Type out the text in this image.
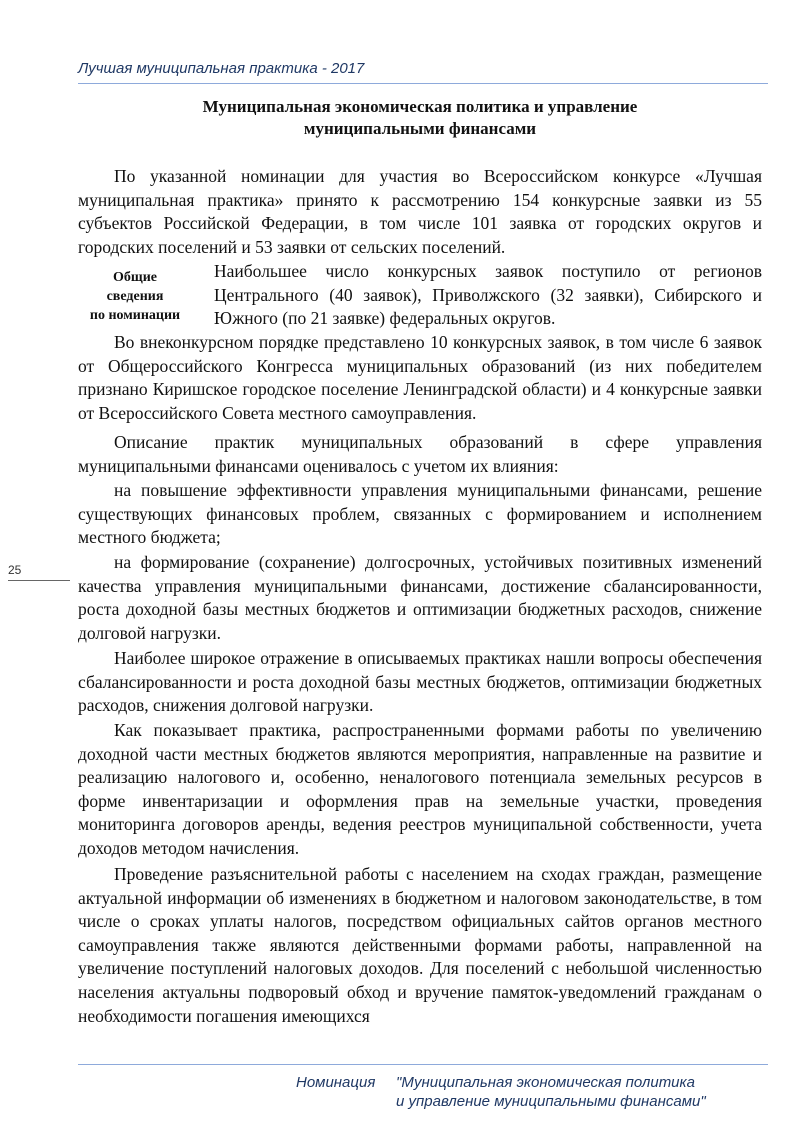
Лучшая муниципальная практика - 2017
Муниципальная экономическая политика и управление
муниципальными финансами

По указанной номинации для участия во Всероссийском конкурсе «Лучшая муниципальная практика» принято к рассмотрению 154 конкурсные заявки из 55 субъектов Российской Федерации, в том числе 101 заявка от городских округов и городских поселений и 53 заявки от сельских поселений.

Общие
сведения
по номинации

Наибольшее число конкурсных заявок поступило от регионов Центрального (40 заявок), Приволжского (32 заявки), Сибирского и Южного (по 21 заявке) федеральных округов.

Во внеконкурсном порядке представлено 10 конкурсных заявок, в том числе 6 заявок от Общероссийского Конгресса муниципальных образований (из них победителем признано Киришское городское поселение Ленинградской области) и 4 конкурсные заявки от Всероссийского Совета местного самоуправления.

Описание практик муниципальных образований в сфере управления муниципальными финансами оценивалось с учетом их влияния:

на повышение эффективности управления муниципальными финансами, решение существующих финансовых проблем, связанных с формированием и исполнением местного бюджета;

на формирование (сохранение) долгосрочных, устойчивых позитивных изменений качества управления муниципальными финансами, достижение сбалансированности, роста доходной базы местных бюджетов и оптимизации бюджетных расходов, снижение долговой нагрузки.

Наиболее широкое отражение в описываемых практиках нашли вопросы обеспечения сбалансированности и роста доходной базы местных бюджетов, оптимизации бюджетных расходов, снижения долговой нагрузки.

Как показывает практика, распространенными формами работы по увеличению доходной части местных бюджетов являются мероприятия, направленные на развитие и реализацию налогового и, особенно, неналогового потенциала земельных ресурсов в форме инвентаризации и оформления прав на земельные участки, проведения мониторинга договоров аренды, ведения реестров муниципальной собственности, учета доходов методом начисления.

Проведение разъяснительной работы с населением на сходах граждан, размещение актуальной информации об изменениях в бюджетном и налоговом законодательстве, в том числе о сроках уплаты налогов, посредством официальных сайтов органов местного самоуправления также являются действенными формами работы, направленной на увеличение поступлений налоговых доходов. Для поселений с небольшой численностью населения актуальны подворовый обход и вручение памяток-уведомлений гражданам о необходимости погашения имеющихся

25
Номинация "Муниципальная экономическая политика
и управление муниципальными финансами"
